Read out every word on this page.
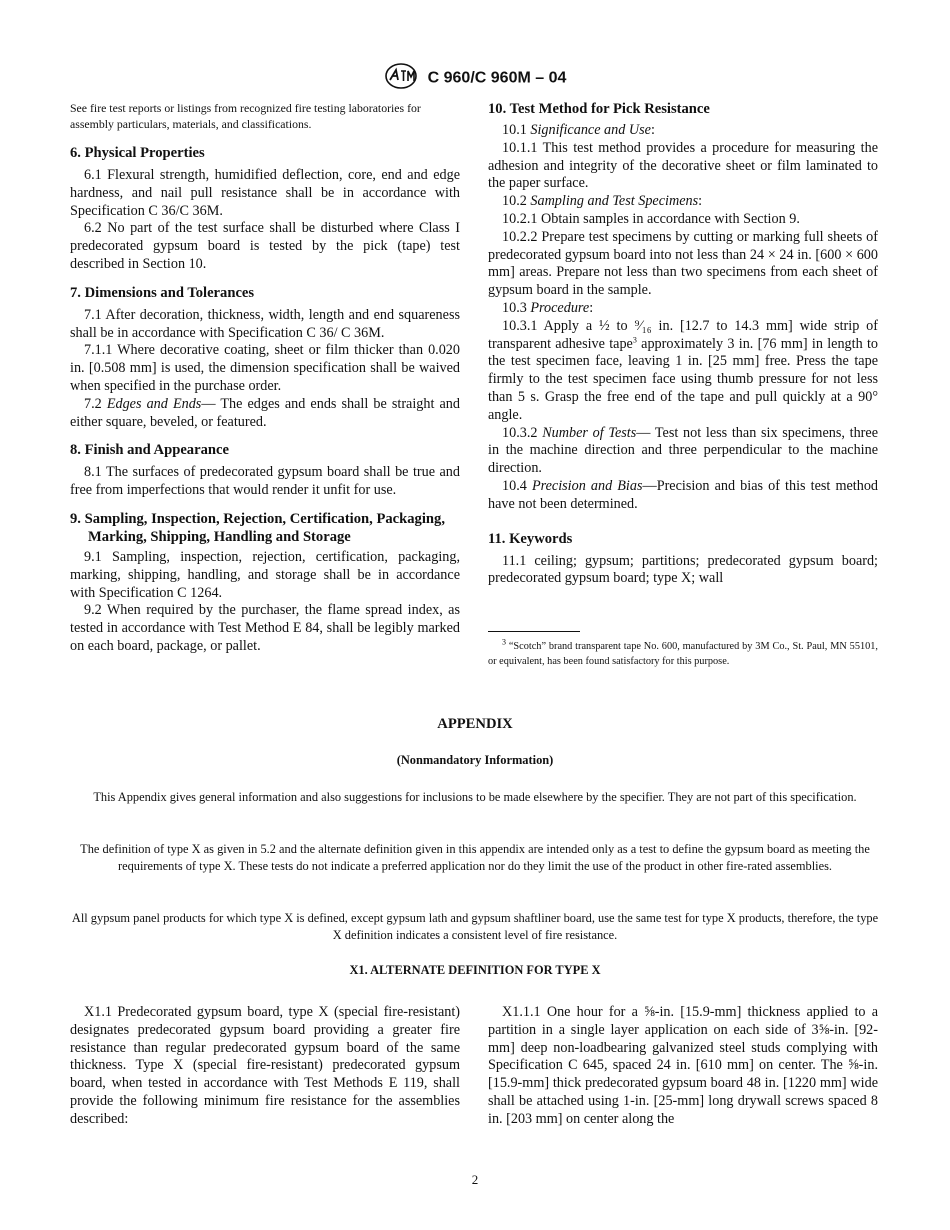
C 960/C 960M – 04

See fire test reports or listings from recognized fire testing laboratories for assembly particulars, materials, and classifications.

6. Physical Properties

6.1 Flexural strength, humidified deflection, core, end and edge hardness, and nail pull resistance shall be in accordance with Specification C 36/C 36M.

6.2 No part of the test surface shall be disturbed where Class I predecorated gypsum board is tested by the pick (tape) test described in Section 10.

7. Dimensions and Tolerances

7.1 After decoration, thickness, width, length and end squareness shall be in accordance with Specification C 36/ C 36M.

7.1.1 Where decorative coating, sheet or film thicker than 0.020 in. [0.508 mm] is used, the dimension specification shall be waived when specified in the purchase order.

7.2 Edges and Ends— The edges and ends shall be straight and either square, beveled, or featured.

8. Finish and Appearance

8.1 The surfaces of predecorated gypsum board shall be true and free from imperfections that would render it unfit for use.

9. Sampling, Inspection, Rejection, Certification, Packaging, Marking, Shipping, Handling and Storage

9.1 Sampling, inspection, rejection, certification, packaging, marking, shipping, handling, and storage shall be in accordance with Specification C 1264.

9.2 When required by the purchaser, the flame spread index, as tested in accordance with Test Method E 84, shall be legibly marked on each board, package, or pallet.

10. Test Method for Pick Resistance

10.1 Significance and Use:

10.1.1 This test method provides a procedure for measuring the adhesion and integrity of the decorative sheet or film laminated to the paper surface.

10.2 Sampling and Test Specimens:

10.2.1 Obtain samples in accordance with Section 9.

10.2.2 Prepare test specimens by cutting or marking full sheets of predecorated gypsum board into not less than 24 × 24 in. [600 × 600 mm] areas. Prepare not less than two specimens from each sheet of gypsum board in the sample.

10.3 Procedure:

10.3.1 Apply a ½ to ⁹⁄₁₆ in. [12.7 to 14.3 mm] wide strip of transparent adhesive tape$^3$ approximately 3 in. [76 mm] in length to the test specimen face, leaving 1 in. [25 mm] free. Press the tape firmly to the test specimen face using thumb pressure for not less than 5 s. Grasp the free end of the tape and pull quickly at a 90° angle.

10.3.2 Number of Tests— Test not less than six specimens, three in the machine direction and three perpendicular to the machine direction.

10.4 Precision and Bias—Precision and bias of this test method have not been determined.

11. Keywords

11.1 ceiling; gypsum; partitions; predecorated gypsum board; predecorated gypsum board; type X; wall

$^3$ “Scotch” brand transparent tape No. 600, manufactured by 3M Co., St. Paul, MN 55101, or equivalent, has been found satisfactory for this purpose.
APPENDIX
(Nonmandatory Information)
This Appendix gives general information and also suggestions for inclusions to be made elsewhere by the specifier. They are not part of this specification.
The definition of type X as given in 5.2 and the alternate definition given in this appendix are intended only as a test to define the gypsum board as meeting the requirements of type X. These tests do not indicate a preferred application nor do they limit the use of the product in other fire-rated assemblies.
All gypsum panel products for which type X is defined, except gypsum lath and gypsum shaftliner board, use the same test for type X products, therefore, the type X definition indicates a consistent level of fire resistance.
X1. ALTERNATE DEFINITION FOR TYPE X

X1.1 Predecorated gypsum board, type X (special fire-resistant) designates predecorated gypsum board providing a greater fire resistance than regular predecorated gypsum board of the same thickness. Type X (special fire-resistant) predecorated gypsum board, when tested in accordance with Test Methods E 119, shall provide the following minimum fire resistance for the assemblies described:

X1.1.1 One hour for a ⅝-in. [15.9-mm] thickness applied to a partition in a single layer application on each side of 3⅝-in. [92-mm] deep non-loadbearing galvanized steel studs complying with Specification C 645, spaced 24 in. [610 mm] on center. The ⅝-in. [15.9-mm] thick predecorated gypsum board 48 in. [1220 mm] wide shall be attached using 1-in. [25-mm] long drywall screws spaced 8 in. [203 mm] on center along the

2
